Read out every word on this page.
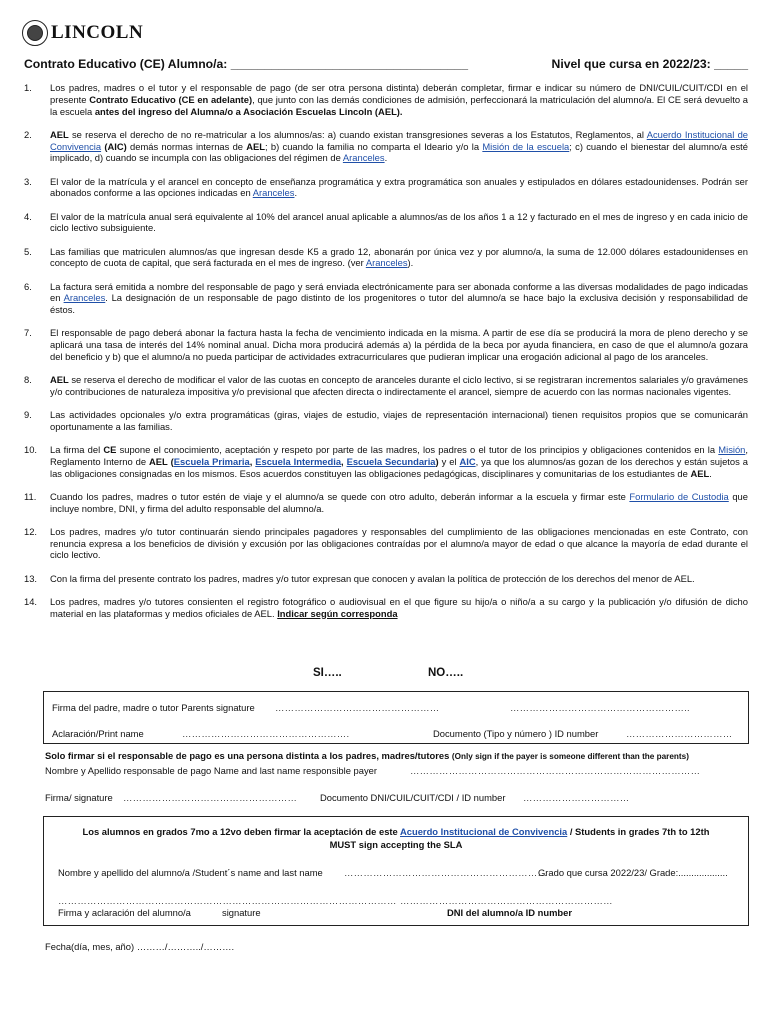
LINCOLN
Contrato Educativo (CE) Alumno/a: ___________________________________	Nivel que cursa en 2022/23: _____
1.	Los padres, madres o el tutor y el responsable de pago (de ser otra persona distinta) deberán completar, firmar e indicar su número de DNI/CUIL/CUIT/CDI en el presente Contrato Educativo (CE en adelante), que junto con las demás condiciones de admisión, perfeccionará la matriculación del alumno/a. El CE será devuelto a la escuela antes del ingreso del Alumna/o a Asociación Escuelas Lincoln (AEL).
2.	AEL se reserva el derecho de no re-matricular a los alumnos/as: a) cuando existan transgresiones severas a los Estatutos, Reglamentos, al Acuerdo Institucional de Convivencia (AIC) demás normas internas de AEL; b) cuando la familia no comparta el Ideario y/o la Misión de la escuela; c) cuando el bienestar del alumno/a esté implicado, d) cuando se incumpla con las obligaciones del régimen de Aranceles.
3.	El valor de la matrícula y el arancel en concepto de enseñanza programática y extra programática son anuales y estipulados en dólares estadounidenses. Podrán ser abonados conforme a las opciones indicadas en Aranceles.
4.	El valor de la matrícula anual será equivalente al 10% del arancel anual aplicable a alumnos/as de los años 1 a 12 y facturado en el mes de ingreso y en cada inicio de ciclo lectivo subsiguiente.
5.	Las familias que matriculen alumnos/as que ingresan desde K5 a grado 12, abonarán por única vez y por alumno/a, la suma de 12.000 dólares estadounidenses en concepto de cuota de capital, que será facturada en el mes de ingreso. (ver Aranceles).
6.	La factura será emitida a nombre del responsable de pago y será enviada electrónicamente para ser abonada conforme a las diversas modalidades de pago indicadas en Aranceles. La designación de un responsable de pago distinto de los progenitores o tutor del alumno/a se hace bajo la exclusiva decisión y responsabilidad de éstos.
7.	El responsable de pago deberá abonar la factura hasta la fecha de vencimiento indicada en la misma. A partir de ese día se producirá la mora de pleno derecho y se aplicará una tasa de interés del 14% nominal anual. Dicha mora producirá además a) la pérdida de la beca por ayuda financiera, en caso de que el alumno/a gozara del beneficio y b) que el alumno/a no pueda participar de actividades extracurriculares que pudieran implicar una erogación adicional al pago de los aranceles.
8.	AEL se reserva el derecho de modificar el valor de las cuotas en concepto de aranceles durante el ciclo lectivo, si se registraran incrementos salariales y/o gravámenes y/o contribuciones de naturaleza impositiva y/o previsional que afecten directa o indirectamente el arancel, siempre de acuerdo con las normas nacionales vigentes.
9.	Las actividades opcionales y/o extra programáticas (giras, viajes de estudio, viajes de representación internacional) tienen requisitos propios que se comunicarán oportunamente a las familias.
10.	La firma del CE supone el conocimiento, aceptación y respeto por parte de las madres, los padres o el tutor de los principios y obligaciones contenidos en la Misión, Reglamento Interno de AEL (Escuela Primaria, Escuela Intermedia, Escuela Secundaria) y el AIC, ya que los alumnos/as gozan de los derechos y están sujetos a las obligaciones consignadas en los mismos. Esos acuerdos constituyen las obligaciones pedagógicas, disciplinares y comunitarias de los estudiantes de AEL.
11.	Cuando los padres, madres o tutor estén de viaje y el alumno/a se quede con otro adulto, deberán informar a la escuela y firmar este Formulario de Custodia que incluye nombre, DNI, y firma del adulto responsable del alumno/a.
12.	Los padres, madres y/o tutor continuarán siendo principales pagadores y responsables del cumplimiento de las obligaciones mencionadas en este Contrato, con renuncia expresa a los beneficios de división y excusión por las obligaciones contraídas por el alumno/a mayor de edad o que alcance la mayoría de edad durante el ciclo lectivo.
13.	Con la firma del presente contrato los padres, madres y/o tutor expresan que conocen y avalan la política de protección de los derechos del menor de AEL.
14.	Los padres, madres y/o tutores consienten el registro fotográfico o audiovisual en el que figure su hijo/a o niño/a a su cargo y la publicación y/o difusión de dicho material en las plataformas y medios oficiales de AEL. Indicar según corresponda
SI…..	NO…..
Firma del padre, madre o tutor Parents signature ……………………………………………	………………………………………………..
Aclaración/Print name	…………………………………………….	Documento (Tipo y número ) ID number	……………………………
Solo firmar si el responsable de pago es una persona distinta a los padres, madres/tutores (Only sign if the payer is someone different than the parents)
Nombre y Apellido responsable de pago Name and last name responsible payer	………………………………………………………………………………
Firma/ signature ……………………………………………… Documento DNI/CUIL/CUIT/CDI / ID number ……………………………
Los alumnos en grados 7mo a 12vo deben firmar la aceptación de este Acuerdo Institucional de Convivencia / Students in grades 7th to 12th
MUST sign accepting the SLA
Nombre y apellido del alumno/a /Student´s name and last name ………………………………………………………
Grado que cursa 2022/23/ Grade:...................
…………………………………………………………………………………………… …………………………………………………………
Firma y aclaración del alumno/a	signature	DNI del alumno/a ID number
Fecha(día, mes, año) ………/………../……….
